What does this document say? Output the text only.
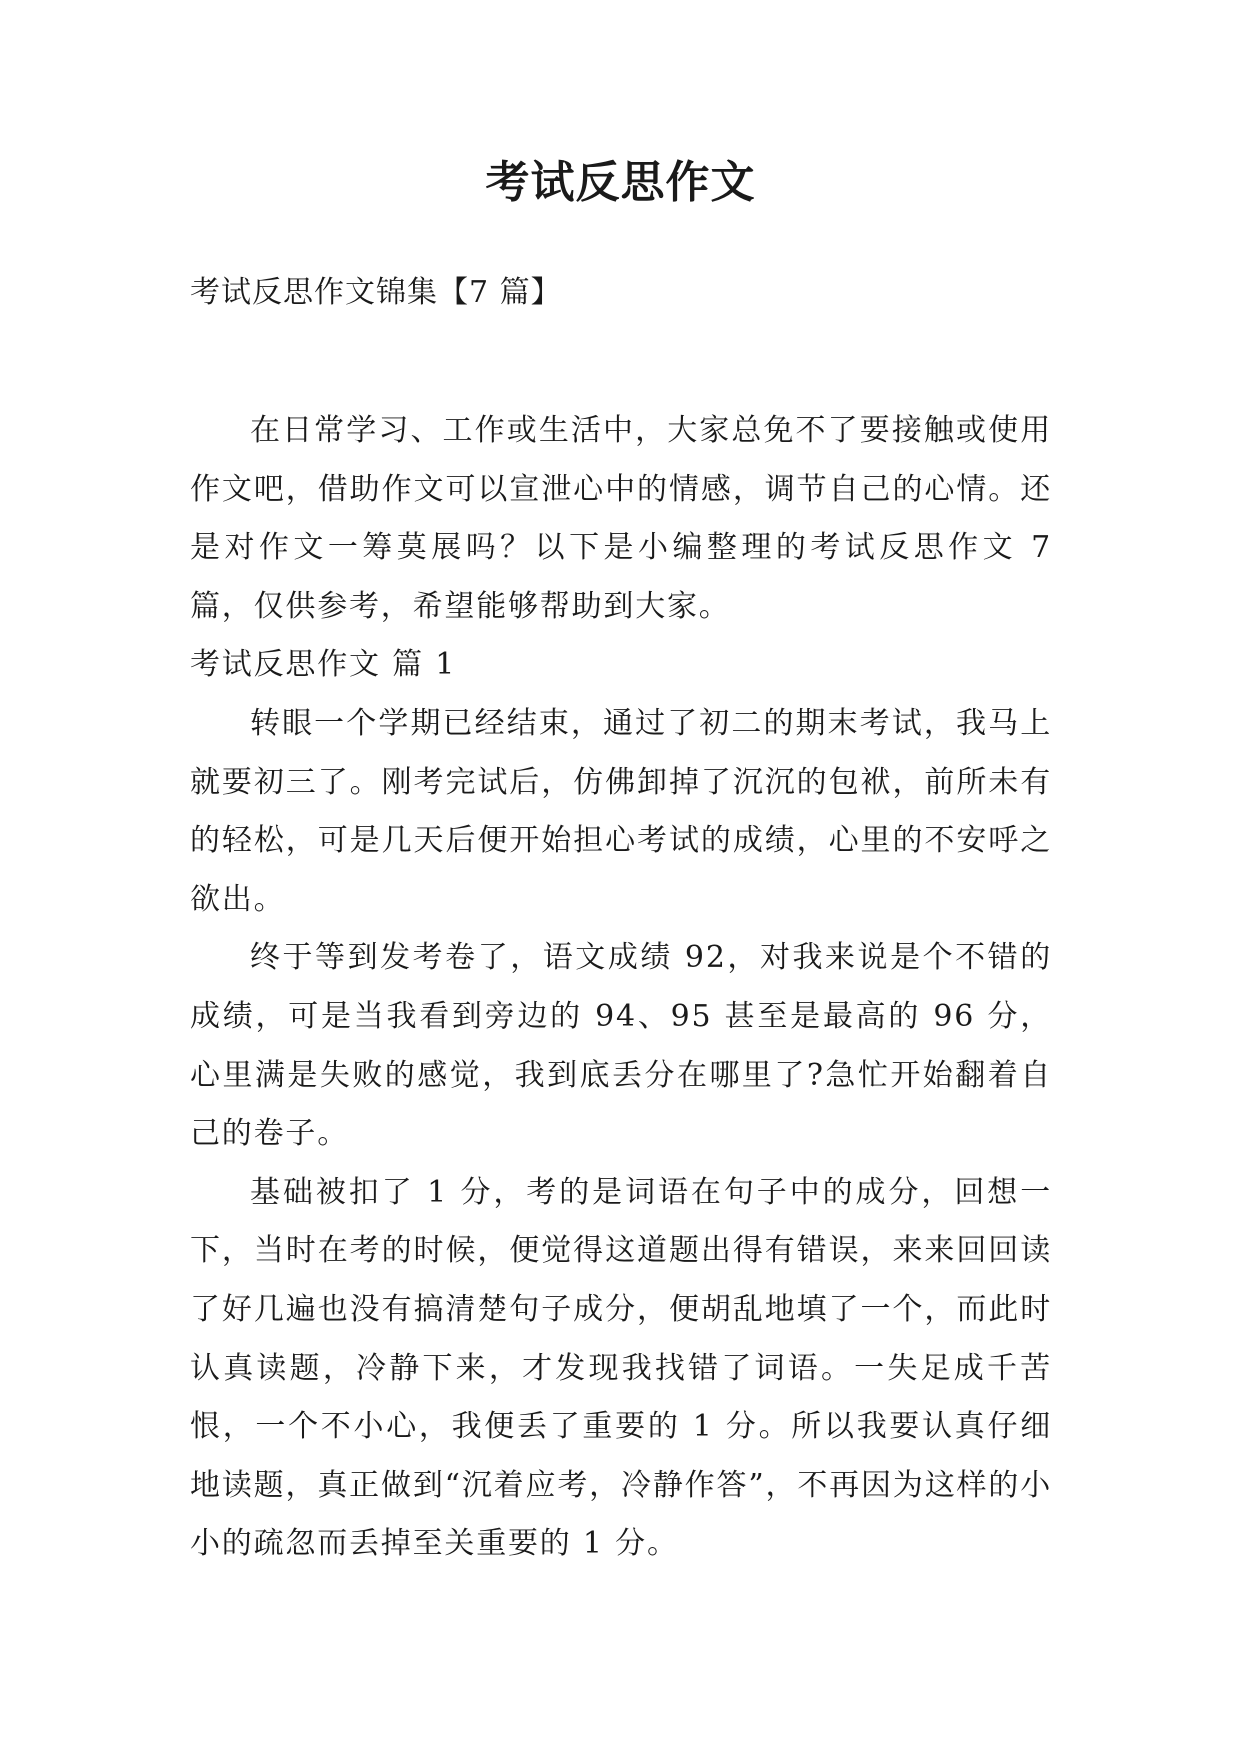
考试反思作文
考试反思作文锦集【7 篇】

在日常学习、工作或生活中，大家总免不了要接触或使用作文吧，借助作文可以宣泄心中的情感，调节自己的心情。还是对作文一筹莫展吗？以下是小编整理的考试反思作文 7 篇，仅供参考，希望能够帮助到大家。

考试反思作文 篇 1

转眼一个学期已经结束，通过了初二的期末考试，我马上就要初三了。刚考完试后，仿佛卸掉了沉沉的包袱，前所未有的轻松，可是几天后便开始担心考试的成绩，心里的不安呼之欲出。

终于等到发考卷了，语文成绩 92，对我来说是个不错的成绩，可是当我看到旁边的 94、95 甚至是最高的 96 分，心里满是失败的感觉，我到底丢分在哪里了?急忙开始翻着自己的卷子。

基础被扣了 1 分，考的是词语在句子中的成分，回想一下，当时在考的时候，便觉得这道题出得有错误，来来回回读了好几遍也没有搞清楚句子成分，便胡乱地填了一个，而此时认真读题，冷静下来，才发现我找错了词语。一失足成千苦恨，一个不小心，我便丢了重要的 1 分。所以我要认真仔细地读题，真正做到“沉着应考，冷静作答”，不再因为这样的小小的疏忽而丢掉至关重要的 1 分。
